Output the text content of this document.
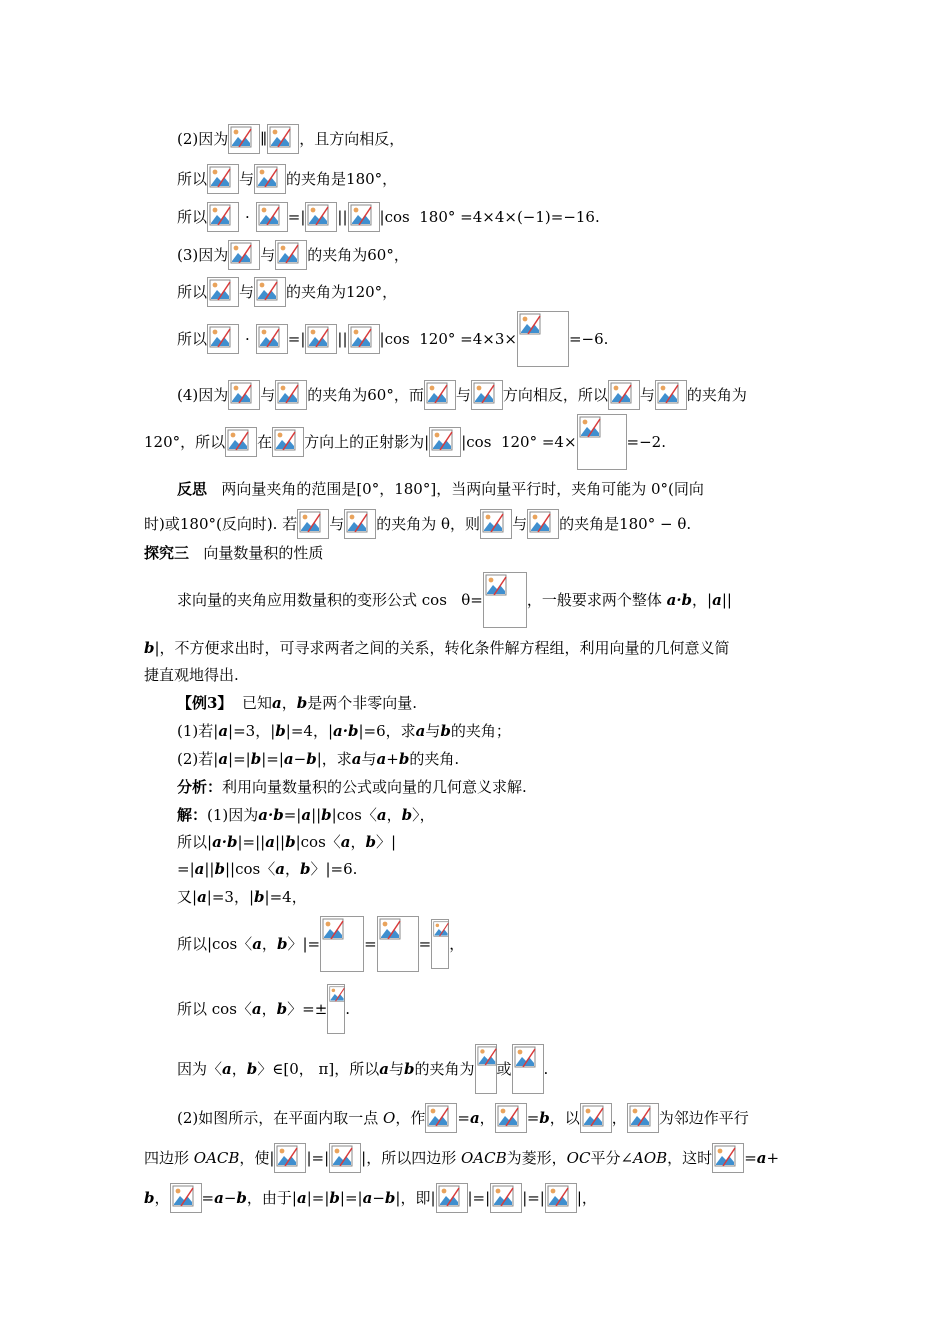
(2)因为 ∥ ，且方向相反，
所以 与 的夹角是180°，
所以	·	=| || |cos  180° =4×4×(−1)=−16.
(3)因为 与 的夹角为60°，
所以 与 的夹角为120°，
所以	·	=| || |cos  120° =4×3×	=−6.
(4)因为 与 的夹角为60°，而 与 方向相反，所以 与 的夹角为
120°，所以 在 方向上的正射影为| |cos  120° =4×	=−2.
反思 两向量夹角的范围是[0°，180°]，当两向量平行时，夹角可能为 0°(同向
时)或180°(反向时). 若 与 的夹角为 θ，则 与 的夹角是180° − θ.
探究三 向量数量积的性质
求向量的夹角应用数量积的变形公式 cos   θ=	，一般要求两个整体 a·b ，| a ||
b |，不方便求出时，可寻求两者之间的关系，转化条件解方程组，利用向量的几何意义简
捷直观地得出.
【例3】 已知 a ， b 是两个非零向量.
(1)若| a |=3，| b |=4，| a·b |=6，求 a 与 b 的夹角；
(2)若| a |=| b |=| a − b |，求 a 与 a + b 的夹角.
分析： 利用向量数量积的公式或向量的几何意义求解.
解： (1)因为 a·b =| a || b |cos〈 a ， b 〉，
所以| a·b |=|| a || b |cos〈 a ， b 〉|
=| a || b ||cos〈 a ， b 〉|=6.
又| a |=3，| b |=4，
所以|cos〈 a ， b 〉|=	=	= ，
所以 cos〈 a ， b 〉=± .
因为〈 a ， b 〉∈[0， π]，所以 a 与 b 的夹角为 或 .
(2)如图所示，在平面内取一点 O ，作 = a ， = b ，以 ， 为邻边作平行
四边形 OACB ，使| |=| |，所以四边形 OACB 为菱形， OC 平分∠ AOB ，这时 = a +
b ， = a − b ，由于| a |=| b |=| a − b |，即| |=| |=| |，
